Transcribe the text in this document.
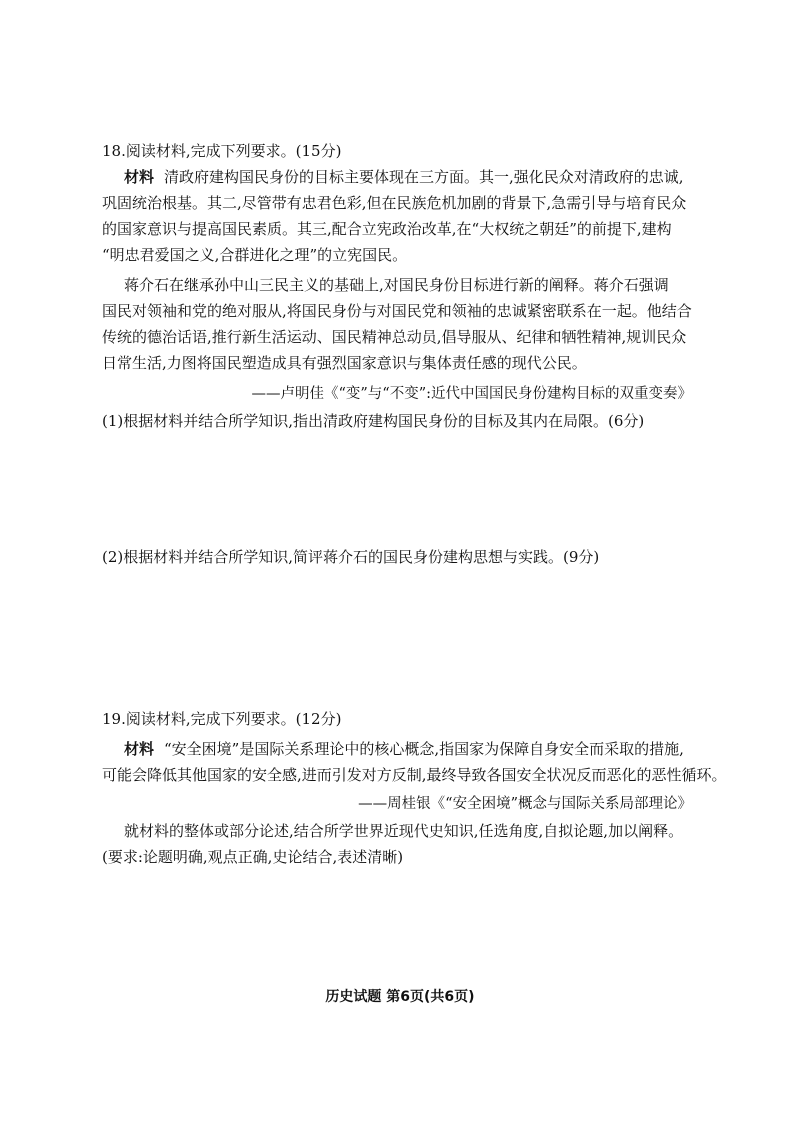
18.阅读材料,完成下列要求。(15分)
材料 清政府建构国民身份的目标主要体现在三方面。其一,强化民众对清政府的忠诚,
巩固统治根基。其二,尽管带有忠君色彩,但在民族危机加剧的背景下,急需引导与培育民众
的国家意识与提高国民素质。其三,配合立宪政治改革,在“大权统之朝廷”的前提下,建构
“明忠君爱国之义,合群进化之理”的立宪国民。
蒋介石在继承孙中山三民主义的基础上,对国民身份目标进行新的阐释。蒋介石强调
国民对领袖和党的绝对服从,将国民身份与对国民党和领袖的忠诚紧密联系在一起。他结合
传统的德治话语,推行新生活运动、国民精神总动员,倡导服从、纪律和牺牲精神,规训民众
日常生活,力图将国民塑造成具有强烈国家意识与集体责任感的现代公民。
——卢明佳《“变”与“不变”:近代中国国民身份建构目标的双重变奏》
(1)根据材料并结合所学知识,指出清政府建构国民身份的目标及其内在局限。(6分)
(2)根据材料并结合所学知识,简评蒋介石的国民身份建构思想与实践。(9分)
19.阅读材料,完成下列要求。(12分)
材料 “安全困境”是国际关系理论中的核心概念,指国家为保障自身安全而采取的措施,
可能会降低其他国家的安全感,进而引发对方反制,最终导致各国安全状况反而恶化的恶性循环。
——周桂银《“安全困境”概念与国际关系局部理论》
就材料的整体或部分论述,结合所学世界近现代史知识,任选角度,自拟论题,加以阐释。
(要求:论题明确,观点正确,史论结合,表述清晰)
历史试题 第6页(共6页)
